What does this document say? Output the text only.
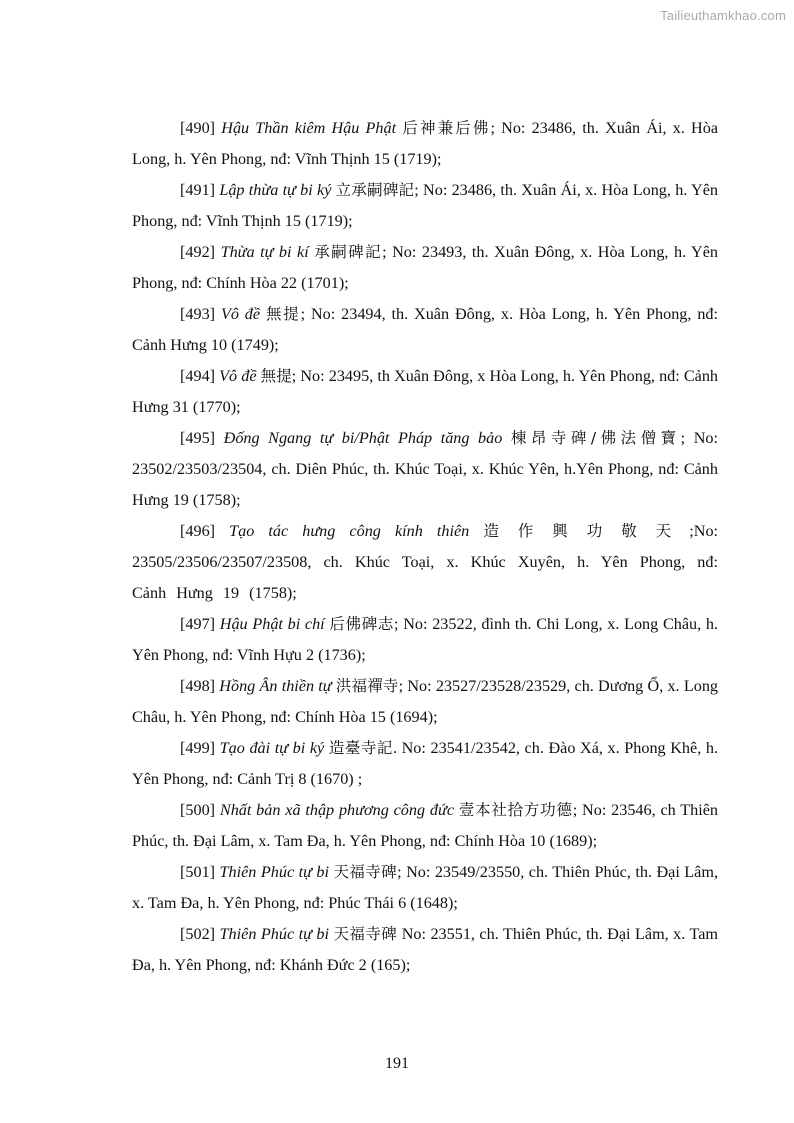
Tailieuthamkhao.com

[490] Hậu Thần kiêm Hậu Phật 后神兼后佛; No: 23486, th. Xuân Ái, x. Hòa Long, h. Yên Phong, nđ: Vĩnh Thịnh 15 (1719);

[491] Lập thừa tự bi ký 立承嗣碑記; No: 23486, th. Xuân Ái, x. Hòa Long, h. Yên Phong, nđ: Vĩnh Thịnh 15 (1719);

[492] Thừa tự bi kí 承嗣碑記; No: 23493, th. Xuân Đông, x. Hòa Long, h. Yên Phong, nđ: Chính Hòa 22 (1701);

[493] Vô đề 無提; No: 23494, th. Xuân Đông, x. Hòa Long, h. Yên Phong, nđ: Cảnh Hưng 10 (1749);

[494] Vô đề 無提; No: 23495, th Xuân Đông, x Hòa Long, h. Yên Phong, nđ: Cảnh Hưng 31 (1770);

[495] Đống Ngang tự bi/Phật Pháp tăng bảo 棟昂寺碑/佛法僧寶; No: 23502/23503/23504, ch. Diên Phúc, th. Khúc Toại, x. Khúc Yên, h.Yên Phong, nđ: Cảnh Hưng 19 (1758);

[496] Tạo tác hưng công kính thiên 造 作 興 功 敬 天 ;No: 23505/23506/23507/23508, ch. Khúc Toại, x. Khúc Xuyên, h. Yên Phong, nđ: Cảnh Hưng 19 (1758);

[497] Hậu Phật bi chí 后佛碑志; No: 23522, đình th. Chi Long, x. Long Châu, h. Yên Phong, nđ: Vĩnh Hựu 2 (1736);

[498] Hồng Ân thiền tự 洪福禪寺; No: 23527/23528/23529, ch. Dương Ổ, x. Long Châu, h. Yên Phong, nđ: Chính Hòa 15 (1694);

[499] Tạo đài tự bi ký 造臺寺記. No: 23541/23542, ch. Đào Xá, x. Phong Khê, h. Yên Phong, nđ: Cảnh Trị 8 (1670) ;

[500] Nhất bản xã thập phương công đức 壹本社拾方功德; No: 23546, ch Thiên Phúc, th. Đại Lâm, x. Tam Đa, h. Yên Phong, nđ: Chính Hòa 10 (1689);

[501] Thiên Phúc tự bi 天福寺碑; No: 23549/23550, ch. Thiên Phúc, th. Đại Lâm, x. Tam Đa, h. Yên Phong, nđ: Phúc Thái 6 (1648);

[502] Thiên Phúc tự bi 天福寺碑 No: 23551, ch. Thiên Phúc, th. Đại Lâm, x. Tam Đa, h. Yên Phong, nđ: Khánh Đức 2 (165);

191
